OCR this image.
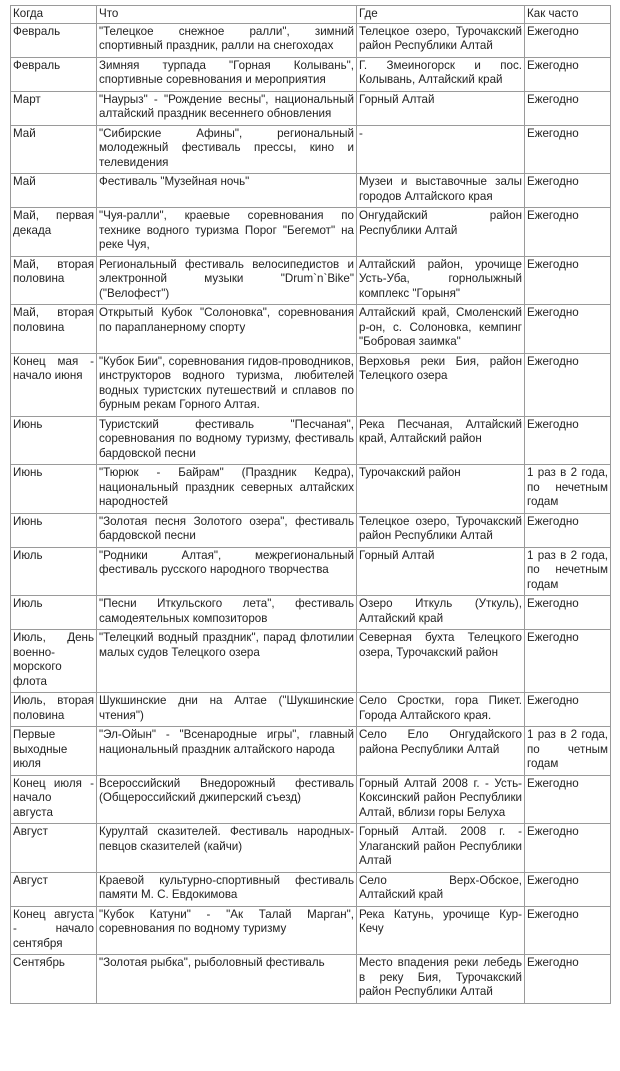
Когда	Что	Где	Как часто
Февраль	"Телецкое снежное ралли", зимний спортивный праздник, ралли на снегоходах	Телецкое озеро, Турочакский район Республики Алтай	Ежегодно
Февраль	Зимняя турпада "Горная Колывань", спортивные соревнования и мероприятия	Г. Змеиногорск и пос. Колывань, Алтайский край	Ежегодно
Март	"Наурыз" - "Рождение весны", национальный алтайский праздник весеннего обновления	Горный Алтай	Ежегодно
Май	"Сибирские Афины", региональный молодежный фестиваль прессы, кино и телевидения	-	Ежегодно
Май	Фестиваль "Музейная ночь"	Музеи и выставочные залы городов Алтайского края	Ежегодно
Май, первая декада	"Чуя-ралли", краевые соревнования по технике водного туризма Порог "Бегемот" на реке Чуя,	Онгудайский район Республики Алтай	Ежегодно
Май, вторая половина	Региональный фестиваль велосипедистов и электронной музыки "Drum`n`Bike" ("Велофест")	Алтайский район, урочище Усть-Уба, горнолыжный комплекс "Горыня"	Ежегодно
Май, вторая половина	Открытый Кубок "Солоновка", соревнования по парапланерному спорту	Алтайский край, Смоленский р-он, с. Солоновка, кемпинг "Бобровая заимка"	Ежегодно
Конец мая - начало июня	"Кубок Бии", соревнования гидов-проводников, инструкторов водного туризма, любителей водных туристских путешествий и сплавов по бурным рекам Горного Алтая.	Верховья реки Бия, район Телецкого озера	Ежегодно
Июнь	Туристский фестиваль "Песчаная", соревнования по водному туризму, фестиваль бардовской песни	Река Песчаная, Алтайский край, Алтайский район	Ежегодно
Июнь	"Тюрюк - Байрам" (Праздник Кедра), национальный праздник северных алтайских народностей	Турочакский район	1 раз в 2 года, по нечетным годам
Июнь	"Золотая песня Золотого озера", фестиваль бардовской песни	Телецкое озеро, Турочакский район Республики Алтай	Ежегодно
Июль	"Родники Алтая", межрегиональный фестиваль русского народного творчества	Горный Алтай	1 раз в 2 года, по нечетным годам
Июль	"Песни Иткульского лета", фестиваль самодеятельных композиторов	Озеро Иткуль (Уткуль), Алтайский край	Ежегодно
Июль, День военно-морского флота	"Телецкий водный праздник", парад флотилии малых судов Телецкого озера	Северная бухта Телецкого озера, Турочакский район	Ежегодно
Июль, вторая половина	Шукшинские дни на Алтае ("Шукшинские чтения")	Село Сростки, гора Пикет. Города Алтайского края.	Ежегодно
Первые выходные июля	"Эл-Ойын" - "Всенародные игры", главный национальный праздник алтайского народа	Село Ело Онгудайского района Республики Алтай	1 раз в 2 года, по четным годам
Конец июля - начало августа	Всероссийский Внедорожный фестиваль (Общероссийский джиперский съезд)	Горный Алтай 2008 г. - Усть-Коксинский район Республики Алтай, вблизи горы Белуха	Ежегодно
Август	Курултай сказителей. Фестиваль народных-певцов сказителей (кайчи)	Горный Алтай. 2008 г. - Улаганский район Республики Алтай	Ежегодно
Август	Краевой культурно-спортивный фестиваль памяти М. С. Евдокимова	Село Верх-Обское, Алтайский край	Ежегодно
Конец августа - начало сентября	"Кубок Катуни" - "Ак Талай Марган", соревнования по водному туризму	Река Катунь, урочище Кур-Кечу	Ежегодно
Сентябрь	"Золотая рыбка", рыболовный фестиваль	Место впадения реки лебедь в реку Бия, Турочакский район Республики Алтай	Ежегодно
